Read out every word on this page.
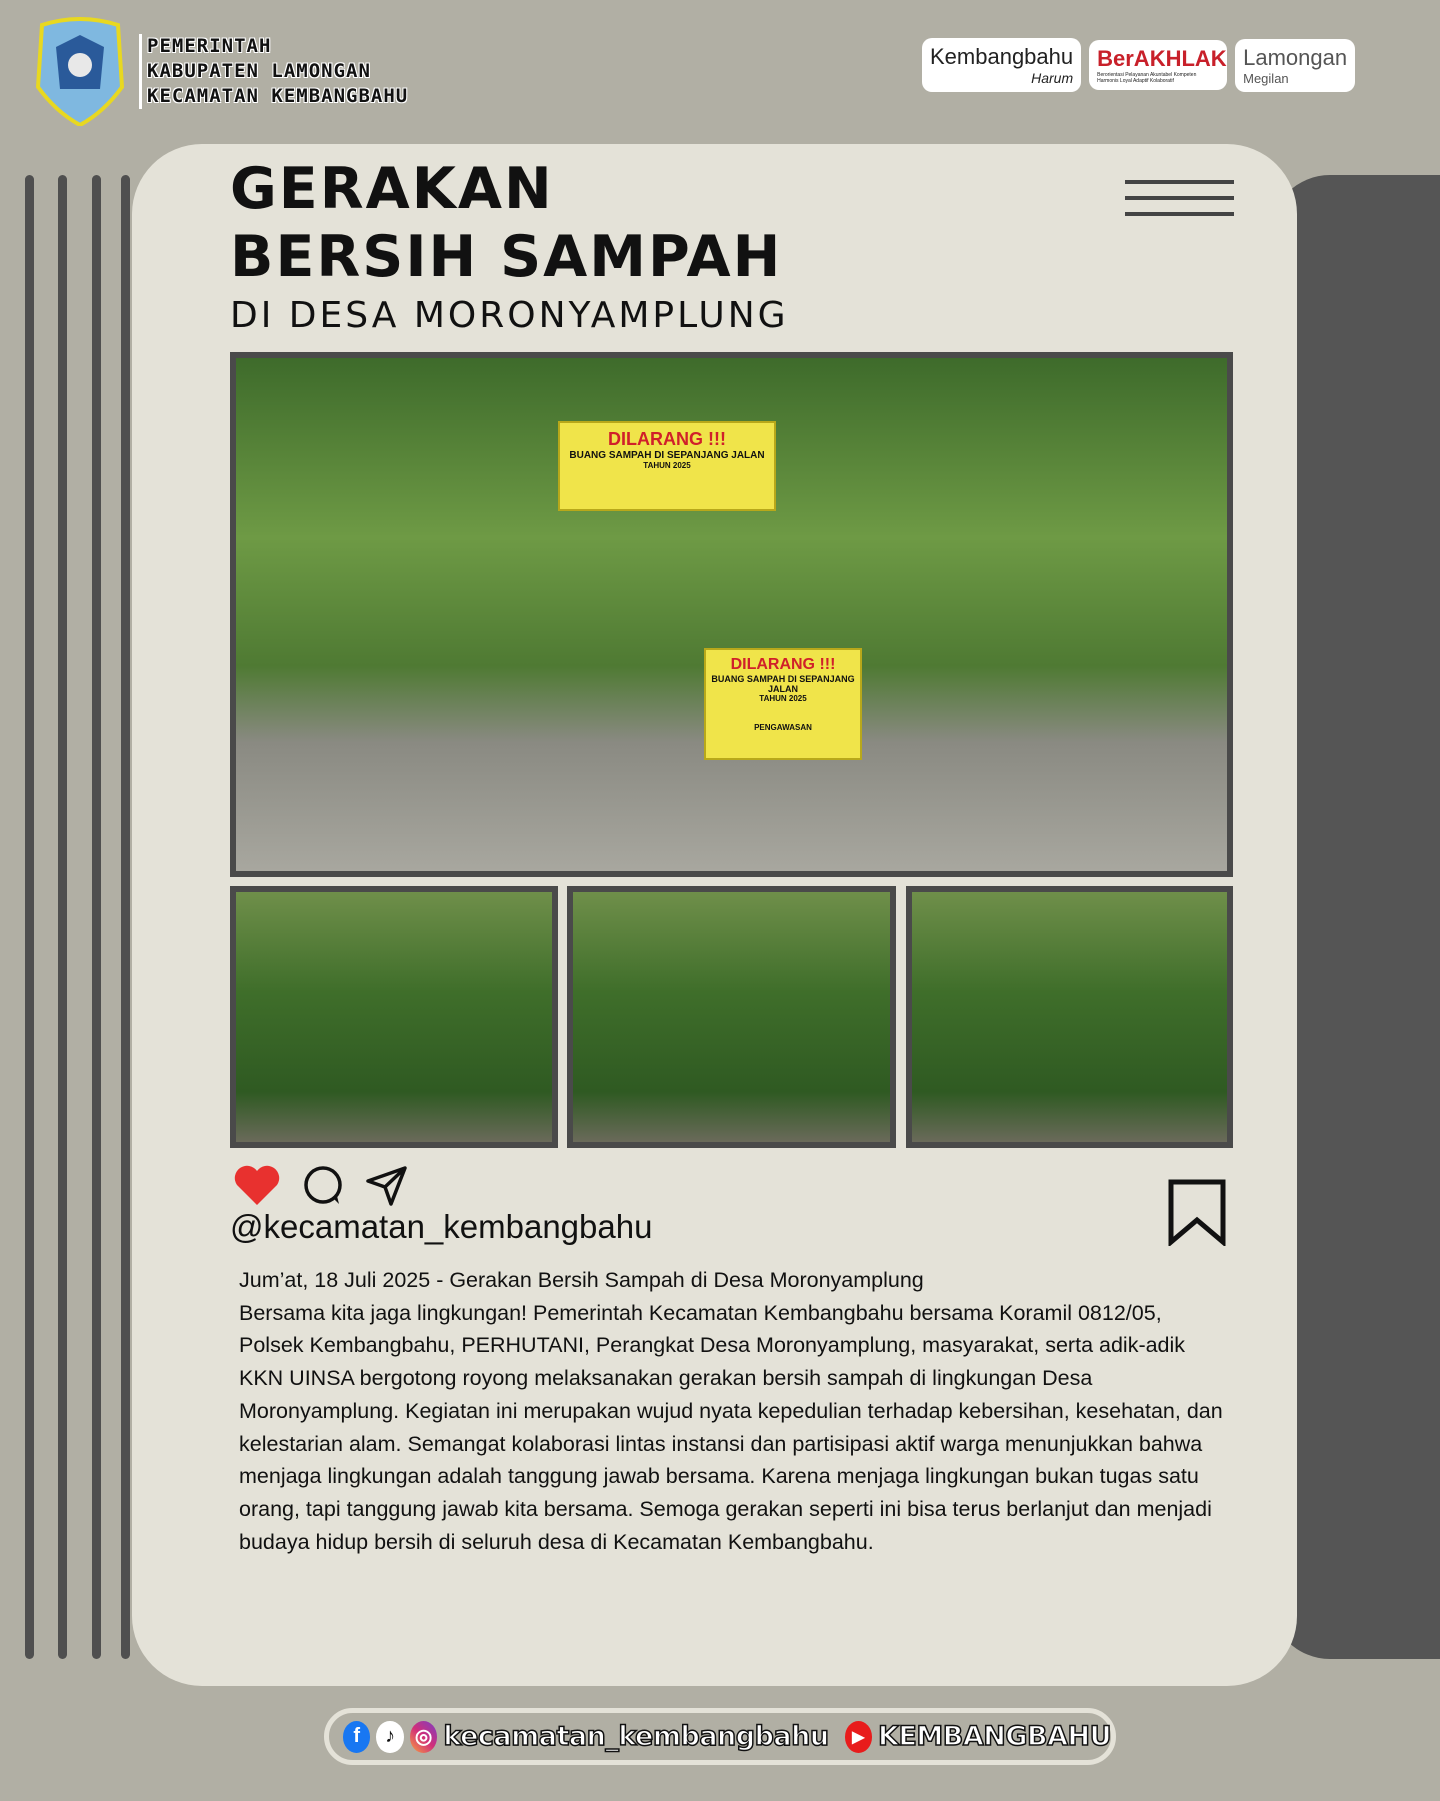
PEMERINTAH
KABUPATEN LAMONGAN
KECAMATAN KEMBANGBAHU
Kembangbahu
Harum
BerAKHLAK
Berorientasi Pelayanan Akuntabel Kompeten Harmonis Loyal Adaptif Kolaboratif
Lamongan
Megilan
GERAKAN
BERSIH SAMPAH
DI DESA MORONYAMPLUNG
DILARANG !!!
BUANG SAMPAH DI SEPANJANG JALAN
TAHUN 2025
DILARANG !!!
BUANG SAMPAH DI SEPANJANG JALAN
TAHUN 2025
PENGAWASAN
@kecamatan_kembangbahu
Jum’at, 18 Juli 2025 - Gerakan Bersih Sampah di Desa Moronyamplung
Bersama kita jaga lingkungan! Pemerintah Kecamatan Kembangbahu bersama Koramil 0812/05, Polsek Kembangbahu, PERHUTANI, Perangkat Desa Moronyamplung, masyarakat, serta adik-adik KKN UINSA bergotong royong melaksanakan gerakan bersih sampah di lingkungan Desa Moronyamplung. Kegiatan ini merupakan wujud nyata kepedulian terhadap kebersihan, kesehatan, dan kelestarian alam. Semangat kolaborasi lintas instansi dan partisipasi aktif warga menunjukkan bahwa menjaga lingkungan adalah tanggung jawab bersama. Karena menjaga lingkungan bukan tugas satu orang, tapi tanggung jawab kita bersama. Semoga gerakan seperti ini bisa terus berlanjut dan menjadi budaya hidup bersih di seluruh desa di Kecamatan Kembangbahu.
f	♪ ◎ kecamatan_kembangbahu	▶ KEMBANGBAHU
